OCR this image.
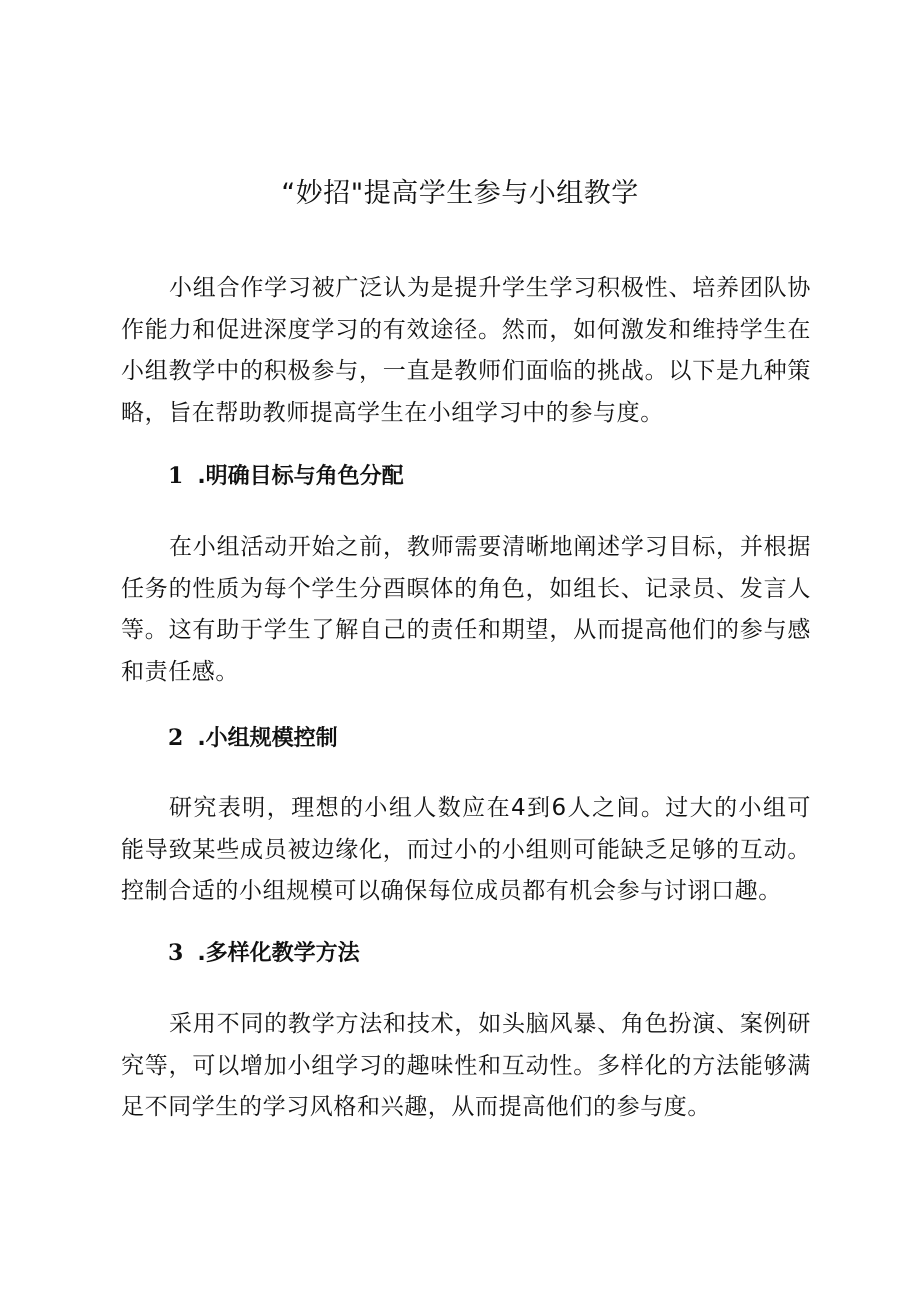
“妙招"提高学生参与小组教学

小组合作学习被广泛认为是提升学生学习积极性、培养团队协作能力和促进深度学习的有效途径。然而，如何激发和维持学生在小组教学中的积极参与，一直是教师们面临的挑战。以下是九种策略，旨在帮助教师提高学生在小组学习中的参与度。

1 .明确目标与角色分配

在小组活动开始之前，教师需要清晰地阐述学习目标，并根据任务的性质为每个学生分酉暝体的角色，如组长、记录员、发言人等。这有助于学生了解自己的责任和期望，从而提高他们的参与感和责任感。

2 .小组规模控制

研究表明，理想的小组人数应在4到6人之间。过大的小组可能导致某些成员被边缘化，而过小的小组则可能缺乏足够的互动。控制合适的小组规模可以确保每位成员都有机会参与讨诩口趣。

3 .多样化教学方法

采用不同的教学方法和技术，如头脑风暴、角色扮演、案例研究等，可以增加小组学习的趣味性和互动性。多样化的方法能够满足不同学生的学习风格和兴趣，从而提高他们的参与度。
